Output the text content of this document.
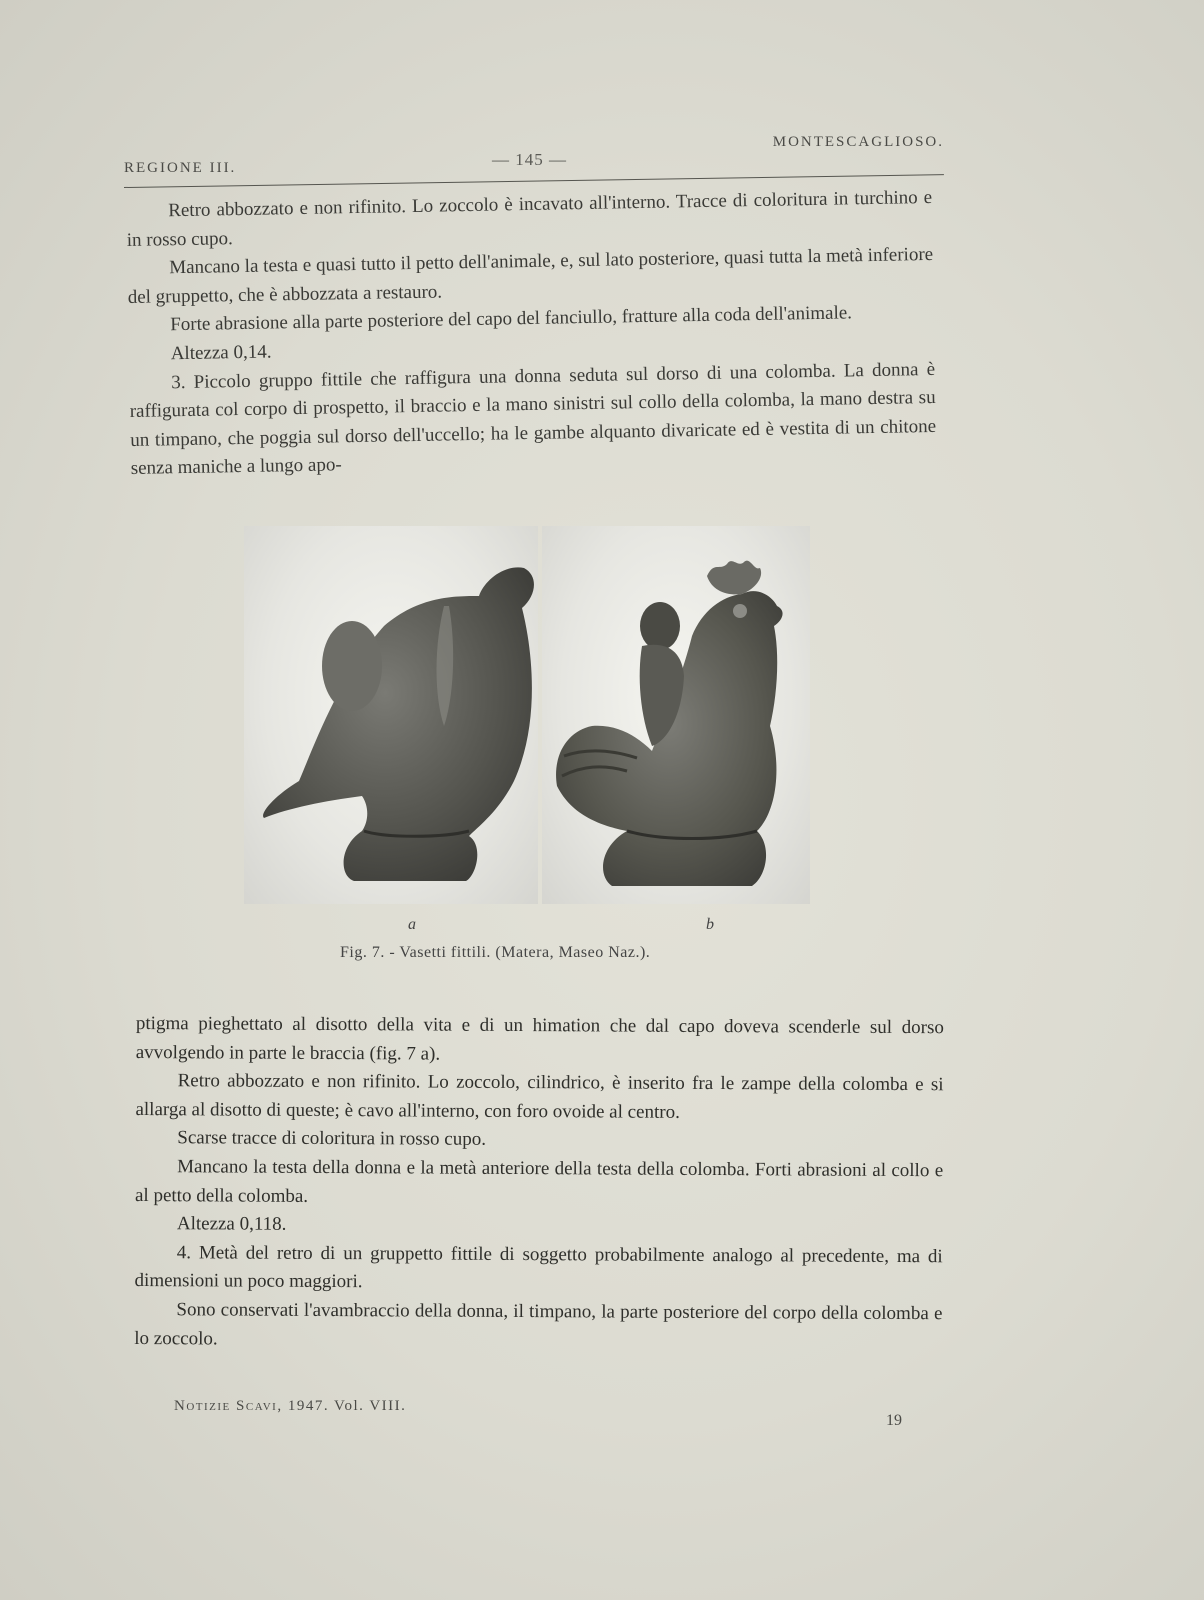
REGIONE III.	— 145 —
MONTESCAGLIOSO.

Retro abbozzato e non rifinito. Lo zoccolo è incavato all'interno. Tracce di coloritura in turchino e in rosso cupo.

Mancano la testa e quasi tutto il petto dell'animale, e, sul lato posteriore, quasi tutta la metà inferiore del gruppetto, che è abbozzata a restauro.

Forte abrasione alla parte posteriore del capo del fanciullo, fratture alla coda dell'animale.

Altezza 0,14.

3. Piccolo gruppo fittile che raffigura una donna seduta sul dorso di una colomba. La donna è raffigurata col corpo di prospetto, il braccio e la mano sinistri sul collo della colomba, la mano destra su un timpano, che poggia sul dorso dell'uccello; ha le gambe alquanto divaricate ed è vestita di un chitone senza maniche a lungo apo-

a	b
Fig. 7. - Vasetti fittili. (Matera, Maseo Naz.).

ptigma pieghettato al disotto della vita e di un himation che dal capo doveva scenderle sul dorso avvolgendo in parte le braccia (fig. 7 a).

Retro abbozzato e non rifinito. Lo zoccolo, cilindrico, è inserito fra le zampe della colomba e si allarga al disotto di queste; è cavo all'interno, con foro ovoide al centro.

Scarse tracce di coloritura in rosso cupo.

Mancano la testa della donna e la metà anteriore della testa della colomba. Forti abrasioni al collo e al petto della colomba.

Altezza 0,118.

4. Metà del retro di un gruppetto fittile di soggetto probabilmente analogo al precedente, ma di dimensioni un poco maggiori.

Sono conservati l'avambraccio della donna, il timpano, la parte posteriore del corpo della colomba e lo zoccolo.

Notizie Scavi, 1947. Vol. VIII.
19
